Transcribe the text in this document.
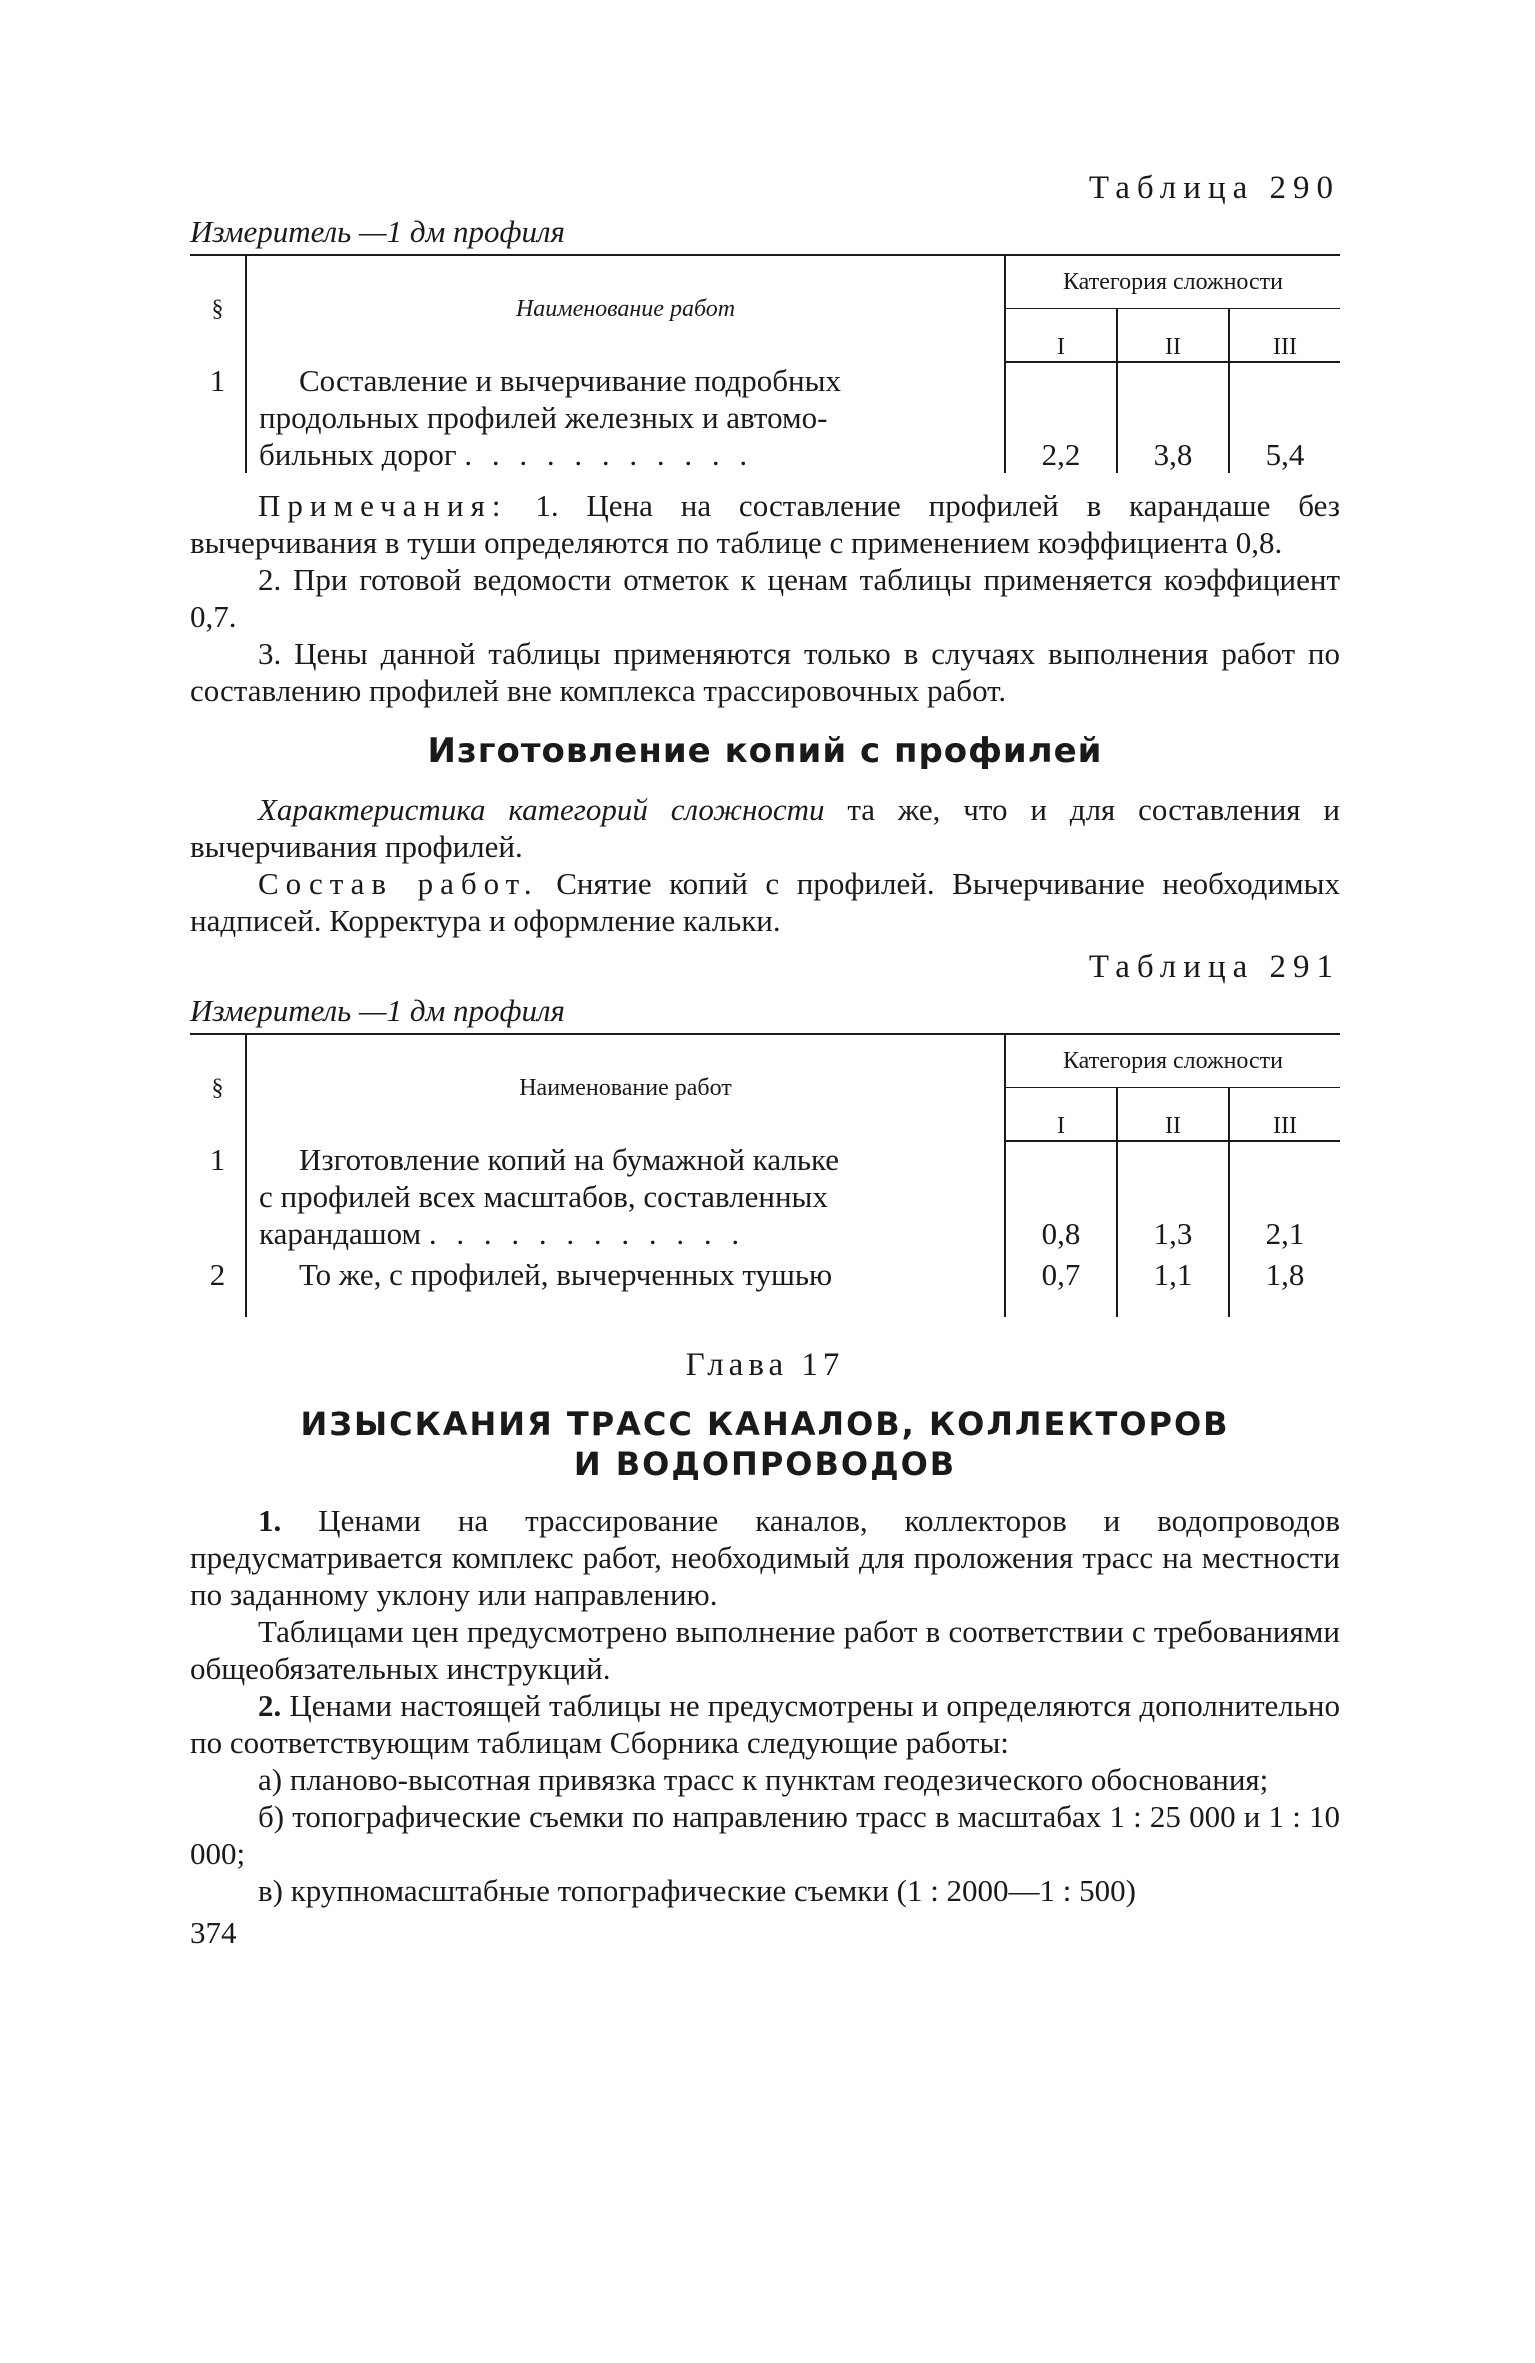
Таблица 290
Измеритель —1 дм профиля
§	Наименование работ	Категория сложности		
		I	II	III
1	Составление и вычерчивание подробных
продольных профилей железных и автомо-
бильных дорог . . . . . . . . . . .	2,2	3,8	5,4

Примечания: 1. Цена на составление профилей в карандаше без вычерчивания в туши определяются по таблице с применением коэффициента 0,8.

2. При готовой ведомости отметок к ценам таблицы применяется коэффициент 0,7.

3. Цены данной таблицы применяются только в случаях выполнения работ по составлению профилей вне комплекса трассировочных работ.

Изготовление копий с профилей

Характеристика категорий сложности та же, что и для составления и вычерчивания профилей.

Состав работ. Снятие копий с профилей. Вычерчивание необходимых надписей. Корректура и оформление кальки.

Таблица 291
Измеритель —1 дм профиля
§	Наименование работ	Категория сложности		
		I	II	III
1	Изготовление копий на бумажной кальке
с профилей всех масштабов, составленных
карандашом . . . . . . . . . . . .	0,8	1,3	2,1
2	То же, с профилей, вычерченных тушью	0,7	1,1	1,8
Глава 17
ИЗЫСКАНИЯ ТРАСС КАНАЛОВ, КОЛЛЕКТОРОВ
И ВОДОПРОВОДОВ

1. Ценами на трассирование каналов, коллекторов и водопроводов предусматривается комплекс работ, необходимый для проложения трасс на местности по заданному уклону или направлению.

Таблицами цен предусмотрено выполнение работ в соответствии с требованиями общеобязательных инструкций.

2. Ценами настоящей таблицы не предусмотрены и определяются дополнительно по соответствующим таблицам Сборника следующие работы:

а) планово-высотная привязка трасс к пунктам геодезического обоснования;

б) топографические съемки по направлению трасс в масштабах 1 : 25 000 и 1 : 10 000;

в) крупномасштабные топографические съемки (1 : 2000—1 : 500)

374
